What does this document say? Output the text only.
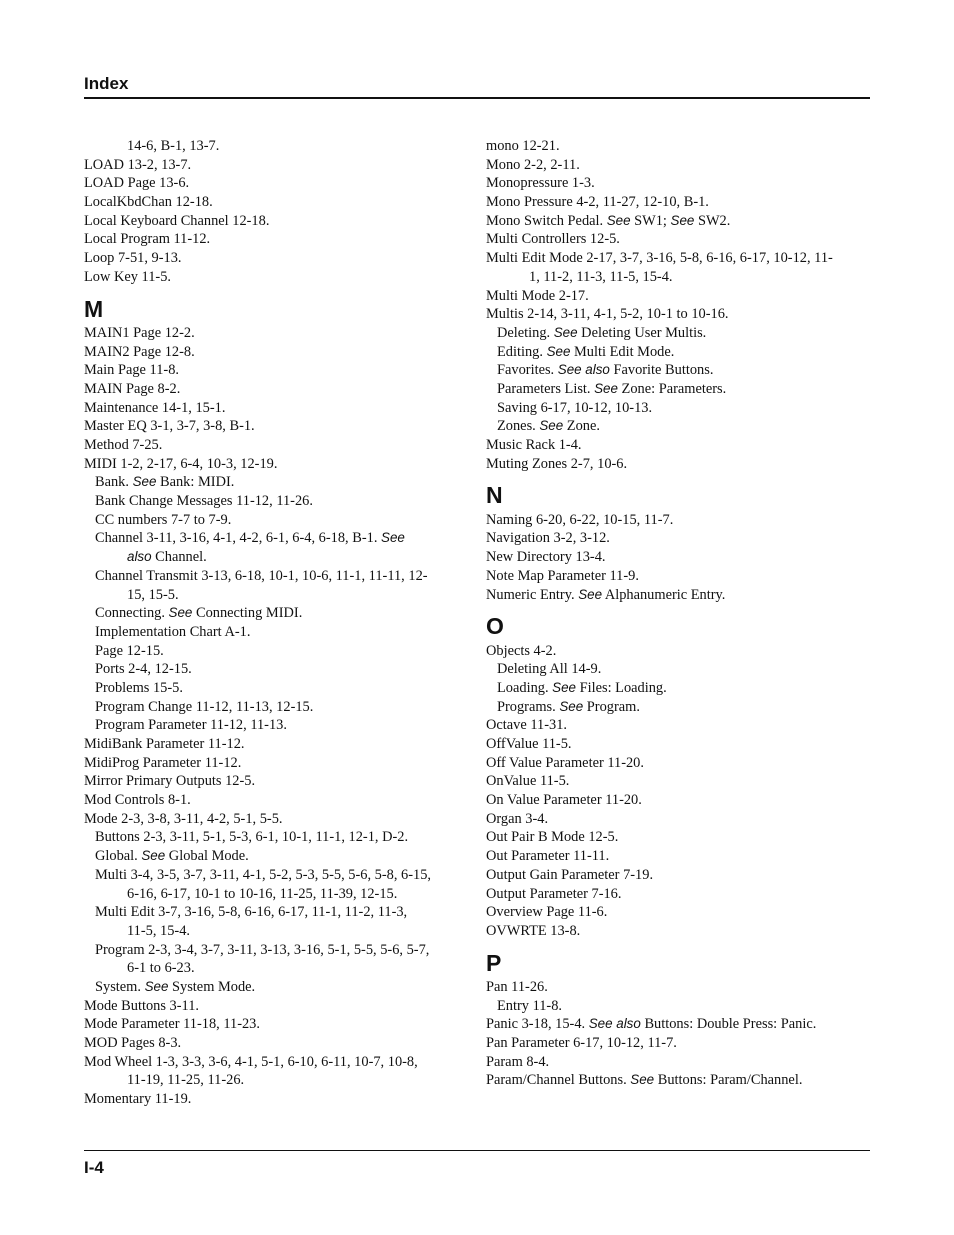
Index
14-6, B-1, 13-7.
LOAD 13-2, 13-7.
LOAD Page 13-6.
LocalKbdChan 12-18.
Local Keyboard Channel 12-18.
Local Program 11-12.
Loop 7-51, 9-13.
Low Key 11-5.
M
MAIN1 Page 12-2.
MAIN2 Page 12-8.
Main Page 11-8.
MAIN Page 8-2.
Maintenance 14-1, 15-1.
Master EQ 3-1, 3-7, 3-8, B-1.
Method 7-25.
MIDI 1-2, 2-17, 6-4, 10-3, 12-19.
Bank. See Bank: MIDI.
Bank Change Messages 11-12, 11-26.
CC numbers 7-7 to 7-9.
Channel 3-11, 3-16, 4-1, 4-2, 6-1, 6-4, 6-18, B-1. See
also Channel.
Channel Transmit 3-13, 6-18, 10-1, 10-6, 11-1, 11-11, 12-
15, 15-5.
Connecting. See Connecting MIDI.
Implementation Chart A-1.
Page 12-15.
Ports 2-4, 12-15.
Problems 15-5.
Program Change 11-12, 11-13, 12-15.
Program Parameter 11-12, 11-13.
MidiBank Parameter 11-12.
MidiProg Parameter 11-12.
Mirror Primary Outputs 12-5.
Mod Controls 8-1.
Mode 2-3, 3-8, 3-11, 4-2, 5-1, 5-5.
Buttons 2-3, 3-11, 5-1, 5-3, 6-1, 10-1, 11-1, 12-1, D-2.
Global. See Global Mode.
Multi 3-4, 3-5, 3-7, 3-11, 4-1, 5-2, 5-3, 5-5, 5-6, 5-8, 6-15,
6-16, 6-17, 10-1 to 10-16, 11-25, 11-39, 12-15.
Multi Edit 3-7, 3-16, 5-8, 6-16, 6-17, 11-1, 11-2, 11-3,
11-5, 15-4.
Program 2-3, 3-4, 3-7, 3-11, 3-13, 3-16, 5-1, 5-5, 5-6, 5-7,
6-1 to 6-23.
System. See System Mode.
Mode Buttons 3-11.
Mode Parameter 11-18, 11-23.
MOD Pages 8-3.
Mod Wheel 1-3, 3-3, 3-6, 4-1, 5-1, 6-10, 6-11, 10-7, 10-8,
11-19, 11-25, 11-26.
Momentary 11-19.
mono 12-21.
Mono 2-2, 2-11.
Monopressure 1-3.
Mono Pressure 4-2, 11-27, 12-10, B-1.
Mono Switch Pedal. See SW1; See SW2.
Multi Controllers 12-5.
Multi Edit Mode 2-17, 3-7, 3-16, 5-8, 6-16, 6-17, 10-12, 11-
1, 11-2, 11-3, 11-5, 15-4.
Multi Mode 2-17.
Multis 2-14, 3-11, 4-1, 5-2, 10-1 to 10-16.
Deleting. See Deleting User Multis.
Editing. See Multi Edit Mode.
Favorites. See also Favorite Buttons.
Parameters List. See Zone: Parameters.
Saving 6-17, 10-12, 10-13.
Zones. See Zone.
Music Rack 1-4.
Muting Zones 2-7, 10-6.
N
Naming 6-20, 6-22, 10-15, 11-7.
Navigation 3-2, 3-12.
New Directory 13-4.
Note Map Parameter 11-9.
Numeric Entry. See Alphanumeric Entry.
O
Objects 4-2.
Deleting All 14-9.
Loading. See Files: Loading.
Programs. See Program.
Octave 11-31.
OffValue 11-5.
Off Value Parameter 11-20.
OnValue 11-5.
On Value Parameter 11-20.
Organ 3-4.
Out Pair B Mode 12-5.
Out Parameter 11-11.
Output Gain Parameter 7-19.
Output Parameter 7-16.
Overview Page 11-6.
OVWRTE 13-8.
P
Pan 11-26.
Entry 11-8.
Panic 3-18, 15-4. See also Buttons: Double Press: Panic.
Pan Parameter 6-17, 10-12, 11-7.
Param 8-4.
Param/Channel Buttons. See Buttons: Param/Channel.
I-4
